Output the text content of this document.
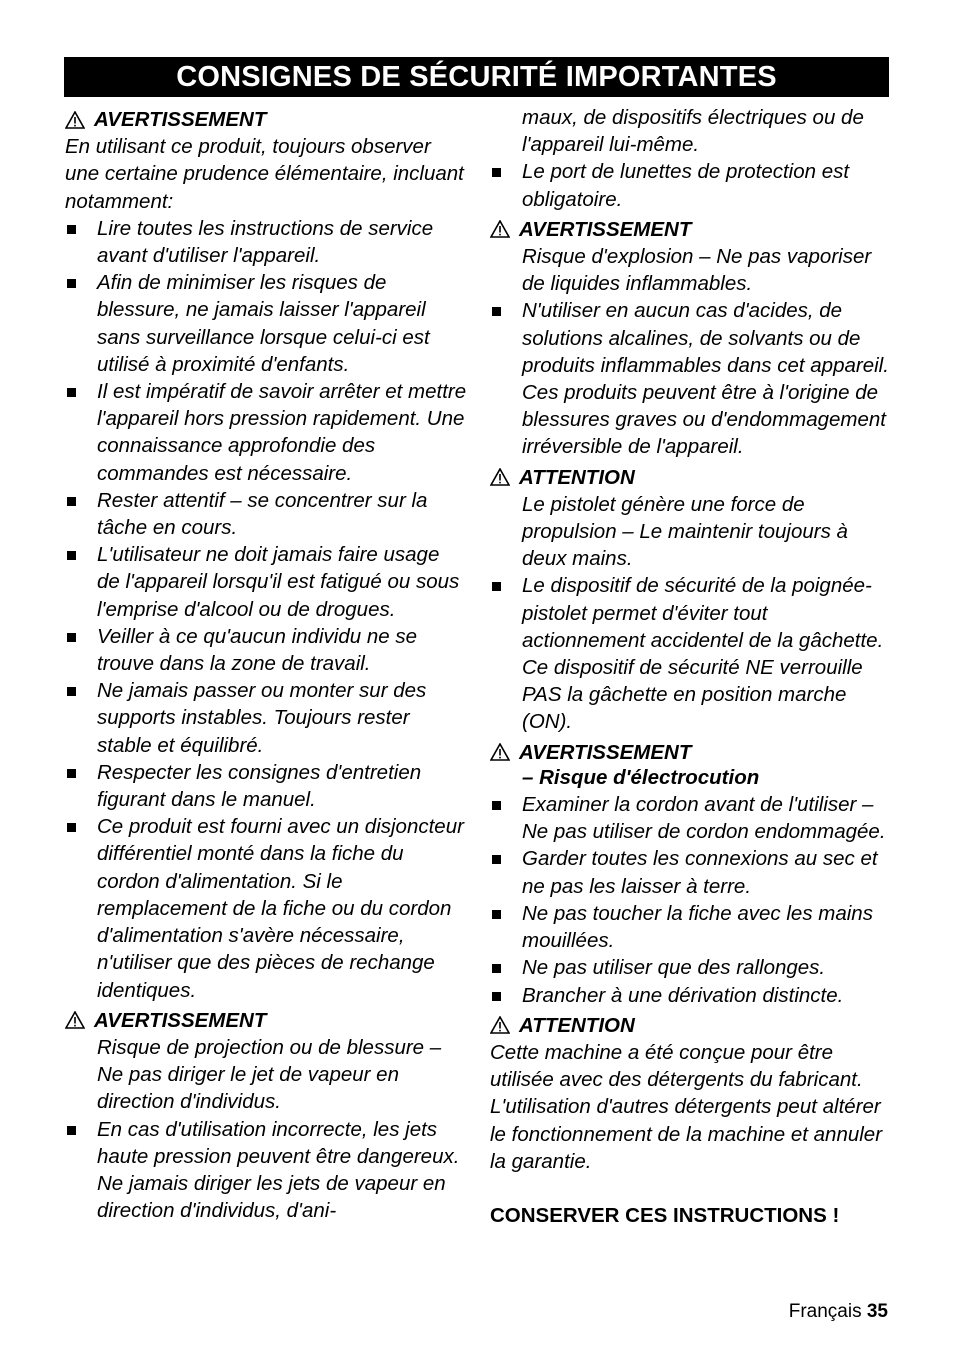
CONSIGNES DE SÉCURITÉ IMPORTANTES
AVERTISSEMENT

En utilisant ce produit, toujours observer une certaine prudence élémentaire, incluant notamment:

Lire toutes les instructions de service avant d'utiliser l'appareil.

Afin de minimiser les risques de blessure, ne jamais laisser l'appareil sans surveillance lorsque celui-ci est utilisé à proximité d'enfants.

Il est impératif de savoir arrêter et mettre l'appareil hors pression rapidement. Une connaissance approfondie des commandes est nécessaire.

Rester attentif – se concentrer sur la tâche en cours.

L'utilisateur ne doit jamais faire usage de l'appareil lorsqu'il est fatigué ou sous l'emprise d'alcool ou de drogues.

Veiller à ce qu'aucun individu ne se trouve dans la zone de travail.

Ne jamais passer ou monter sur des supports instables. Toujours rester stable et équilibré.

Respecter les consignes d'entretien figurant dans le manuel.

Ce produit est fourni avec un disjoncteur différentiel monté dans la fiche du cordon d'alimentation. Si le remplacement de la fiche ou du cordon d'alimentation s'avère nécessaire, n'utiliser que des pièces de rechange identiques.

AVERTISSEMENT

Risque de projection ou de blessure – Ne pas diriger le jet de vapeur en direction d'individus.

En cas d'utilisation incorrecte, les jets haute pression peuvent être dangereux. Ne jamais diriger les jets de vapeur en direction d'individus, d'ani-

maux, de dispositifs électriques ou de l'appareil lui-même.

Le port de lunettes de protection est obligatoire.

AVERTISSEMENT

Risque d'explosion – Ne pas vaporiser de liquides inflammables.

N'utiliser en aucun cas d'acides, de solutions alcalines, de solvants ou de produits inflammables dans cet appareil. Ces produits peuvent être à l'origine de blessures graves ou d'endommagement irréversible de l'appareil.

ATTENTION

Le pistolet génère une force de propulsion – Le maintenir toujours à deux mains.

Le dispositif de sécurité de la poignée-pistolet permet d'éviter tout actionnement accidentel de la gâchette. Ce dispositif de sécurité NE verrouille PAS la gâchette en position marche (ON).

AVERTISSEMENT
– Risque d'électrocution

Examiner la cordon avant de l'utiliser – Ne pas utiliser de cordon endommagée.

Garder toutes les connexions au sec et ne pas les laisser à terre.

Ne pas toucher la fiche avec les mains mouillées.

Ne pas utiliser que des rallonges.

Brancher à une dérivation distincte.

ATTENTION

Cette machine a été conçue pour être utilisée avec des détergents du fabricant. L'utilisation d'autres détergents peut altérer le fonctionnement de la machine et annuler la garantie.

CONSERVER CES INSTRUCTIONS !
Français 35
